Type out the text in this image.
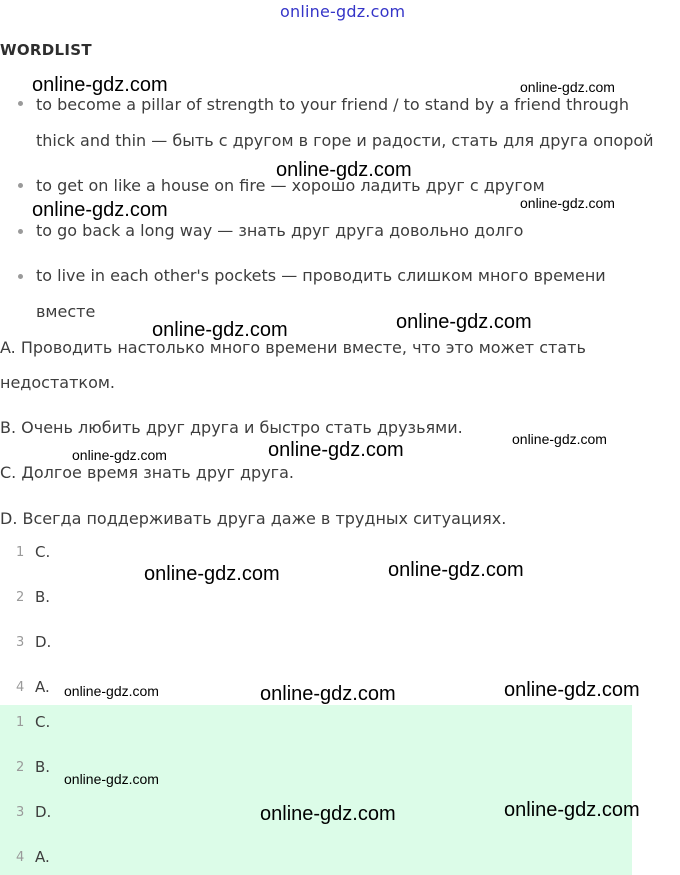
online-gdz.com
WORDLIST
to become a pillar of strength to your friend / to stand by a friend through
thick and thin — быть с другом в горе и радости, стать для друга опорой
to get on like a house on fire — хорошо ладить друг с другом
to go back a long way — знать друг друга довольно долго
to live in each other's pockets — проводить слишком много времени
вместе
A. Проводить настолько много времени вместе, что это может стать
недостатком.
B. Очень любить друг друга и быстро стать друзьями.
C. Долгое время знать друг друга.
D. Всегда поддерживать друга даже в трудных ситуациях.
1 C.
2 B.
3 D.
4 A.
1 C.
2 B.
3 D.
4 A.
online-gdz.com	online-gdz.com
online-gdz.com
online-gdz.com	online-gdz.com
online-gdz.com	online-gdz.com
online-gdz.com	online-gdz.com	online-gdz.com
online-gdz.com	online-gdz.com
online-gdz.com	online-gdz.com	online-gdz.com
online-gdz.com
online-gdz.com	online-gdz.com
